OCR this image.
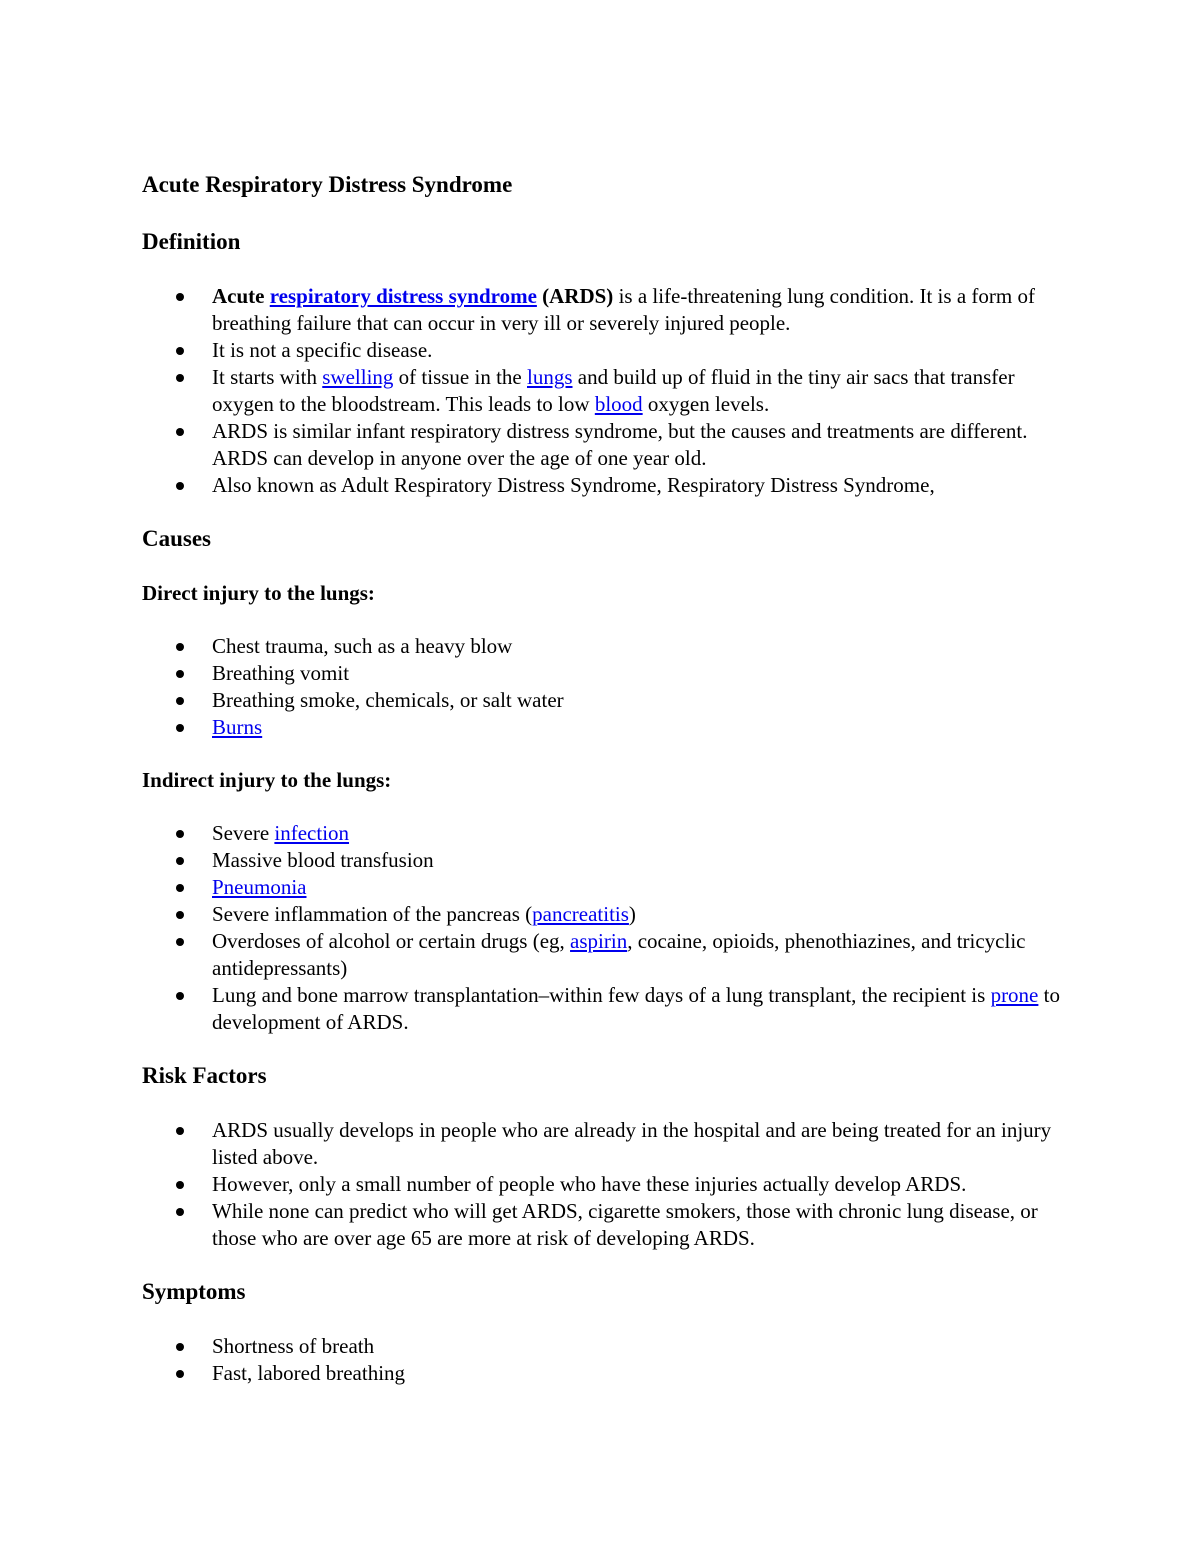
Acute Respiratory Distress Syndrome
Definition
Acute respiratory distress syndrome (ARDS) is a life-threatening lung condition. It is a form of breathing failure that can occur in very ill or severely injured people.
It is not a specific disease.
It starts with swelling of tissue in the lungs and build up of fluid in the tiny air sacs that transfer oxygen to the bloodstream. This leads to low blood oxygen levels.
ARDS is similar infant respiratory distress syndrome, but the causes and treatments are different. ARDS can develop in anyone over the age of one year old.
Also known as Adult Respiratory Distress Syndrome, Respiratory Distress Syndrome,
Causes
Direct injury to the lungs:
Chest trauma, such as a heavy blow
Breathing vomit
Breathing smoke, chemicals, or salt water
Burns
Indirect injury to the lungs:
Severe infection
Massive blood transfusion
Pneumonia
Severe inflammation of the pancreas (pancreatitis)
Overdoses of alcohol or certain drugs (eg, aspirin, cocaine, opioids, phenothiazines, and tricyclic antidepressants)
Lung and bone marrow transplantation–within few days of a lung transplant, the recipient is prone to development of ARDS.
Risk Factors
ARDS usually develops in people who are already in the hospital and are being treated for an injury listed above.
However, only a small number of people who have these injuries actually develop ARDS.
While none can predict who will get ARDS, cigarette smokers, those with chronic lung disease, or those who are over age 65 are more at risk of developing ARDS.
Symptoms
Shortness of breath
Fast, labored breathing
